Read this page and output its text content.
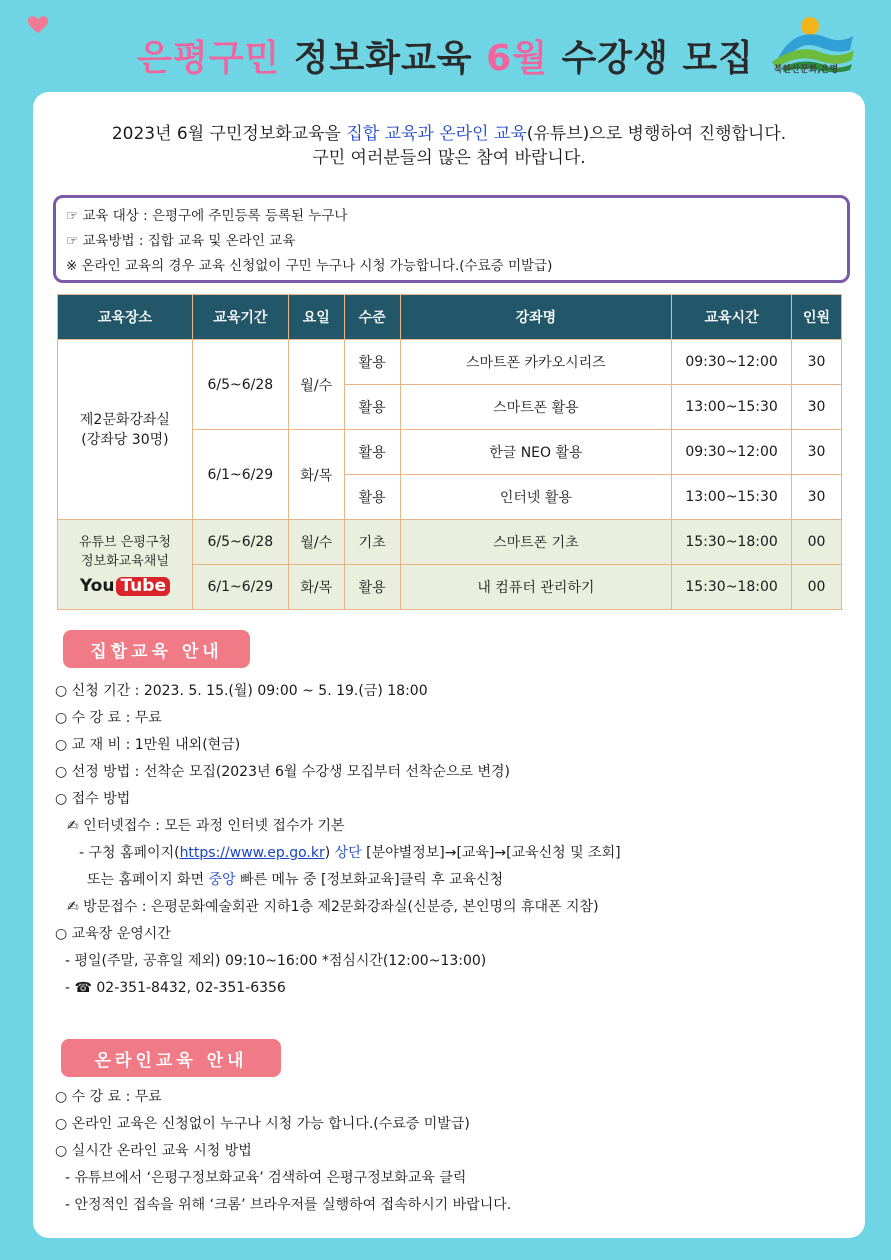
은평구민 정보화교육 6월 수강생 모집	북한산문화,은평
2023년 6월 구민정보화교육을 집합 교육과 온라인 교육(유튜브)으로 병행하여 진행합니다.
구민 여러분들의 많은 참여 바랍니다.
☞ 교육 대상 : 은평구에 주민등록 등록된 누구나
☞ 교육방법 : 집합 교육 및 온라인 교육
※ 온라인 교육의 경우 교육 신청없이 구민 누구나 시청 가능합니다.(수료증 미발급)
교육장소	교육기간	요일	수준	강좌명	교육시간	인원
제2문화강좌실
(강좌당 30명)	6/5~6/28	월/수	활용	스마트폰 카카오시리즈	09:30~12:00	30
			활용	스마트폰 활용	13:00~15:30	30
	6/1~6/29	화/목	활용	한글 NEO 활용	09:30~12:00	30
			활용	인터넷 활용	13:00~15:30	30

유튜브 은평구청
정보화교육채널
You Tube	6/5~6/28	월/수	기초	스마트폰 기초	15:30~18:00	00
	6/1~6/29	화/목	활용	내 컴퓨터 관리하기	15:30~18:00	00
집합교육 안내
○ 신청 기간 : 2023. 5. 15.(월) 09:00 ~ 5. 19.(금) 18:00
○ 수 강 료 : 무료
○ 교 재 비 : 1만원 내외(현금)
○ 선정 방법 : 선착순 모집(2023년 6월 수강생 모집부터 선착순으로 변경)
○ 접수 방법
✍ 인터넷접수 : 모든 과정 인터넷 접수가 기본
- 구청 홈페이지(https://www.ep.go.kr) 상단 [분야별정보]→[교육]→[교육신청 및 조회]
또는 홈페이지 화면 중앙 빠른 메뉴 중 [정보화교육]클릭 후 교육신청
✍ 방문접수 : 은평문화예술회관 지하1층 제2문화강좌실(신분증, 본인명의 휴대폰 지참)
○ 교육장 운영시간
- 평일(주말, 공휴일 제외) 09:10~16:00 *점심시간(12:00~13:00)
- ☎ 02-351-8432, 02-351-6356
온라인교육 안내
○ 수 강 료 : 무료
○ 온라인 교육은 신청없이 누구나 시청 가능 합니다.(수료증 미발급)
○ 실시간 온라인 교육 시청 방법
- 유튜브에서 ‘은평구정보화교육’ 검색하여 은평구정보화교육 클릭
- 안정적인 접속을 위해 ‘크롬’ 브라우저를 실행하여 접속하시기 바랍니다.
